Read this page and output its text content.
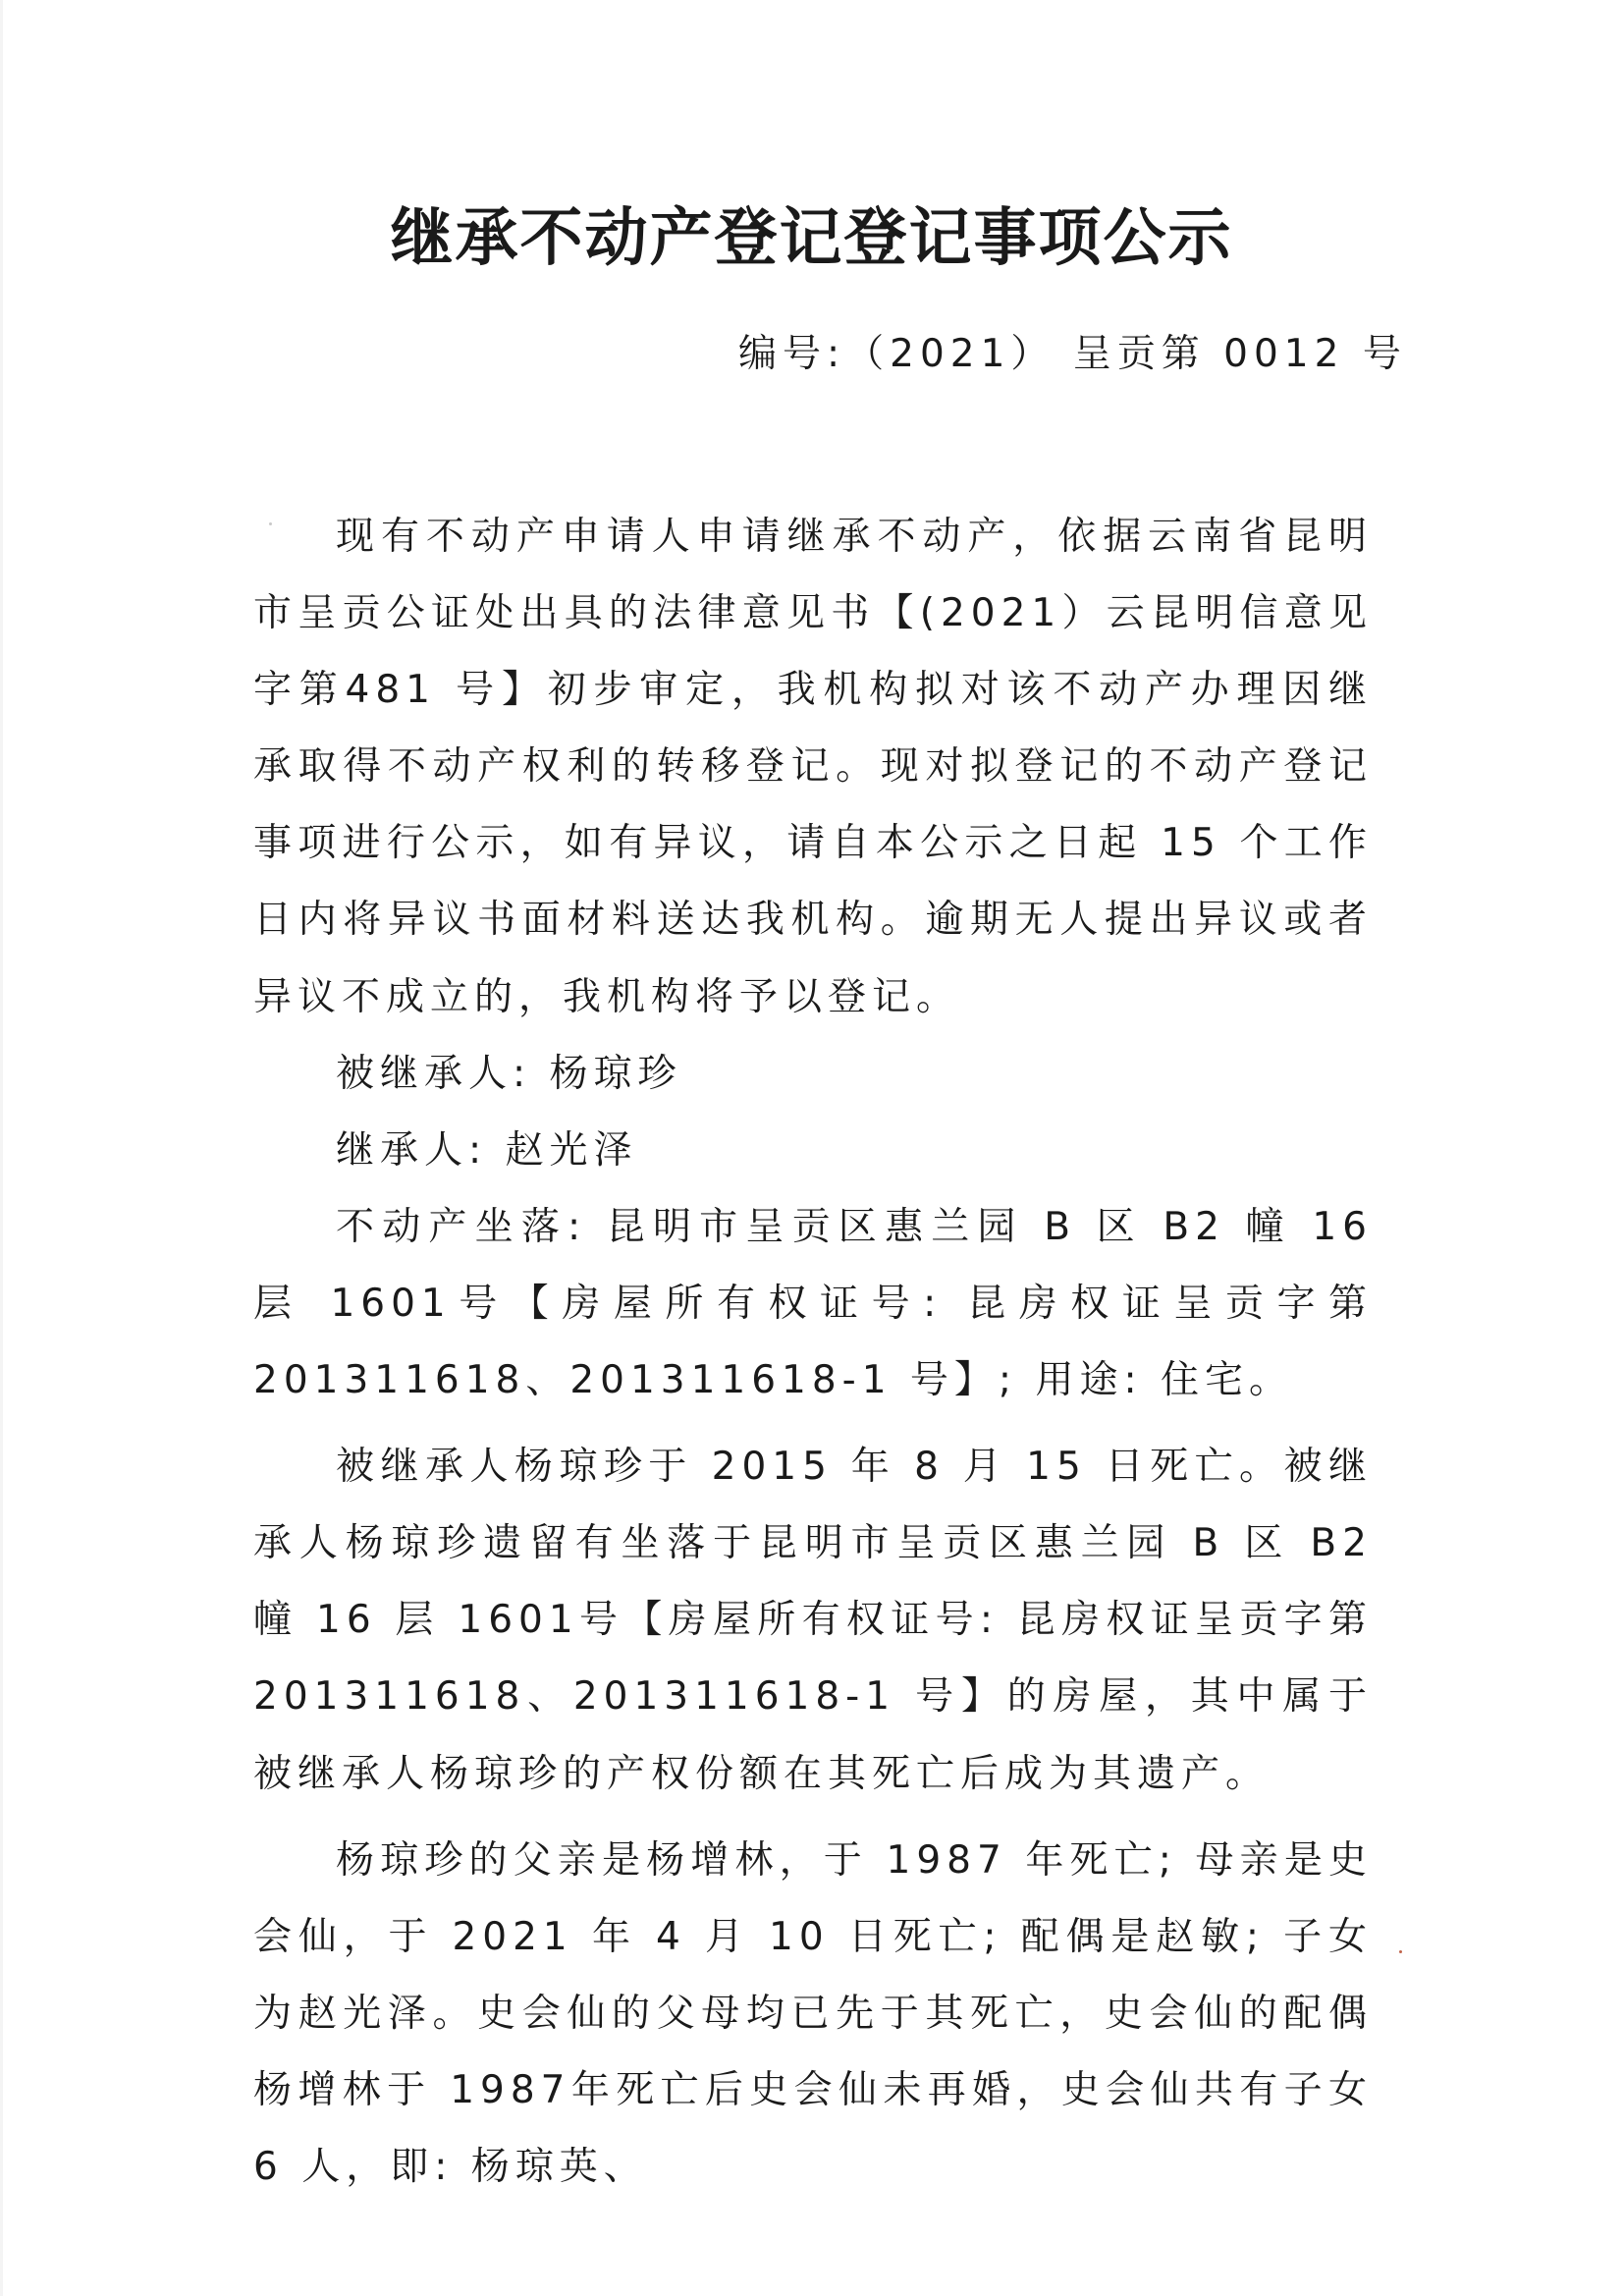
继承不动产登记登记事项公示
编号:（2021） 呈贡第 0012 号

现有不动产申请人申请继承不动产，依据云南省昆明市呈贡公证处出具的法律意见书【(2021）云昆明信意见字第481 号】初步审定，我机构拟对该不动产办理因继承取得不动产权利的转移登记。现对拟登记的不动产登记事项进行公示，如有异议，请自本公示之日起 15 个工作日内将异议书面材料送达我机构。逾期无人提出异议或者异议不成立的，我机构将予以登记。

被继承人: 杨琼珍

继承人: 赵光泽

不动产坐落: 昆明市呈贡区惠兰园 B 区 B2 幢 16 层 1601号【房屋所有权证号: 昆房权证呈贡字第 201311618、201311618-1 号】; 用途: 住宅。

被继承人杨琼珍于 2015 年 8 月 15 日死亡。被继承人杨琼珍遗留有坐落于昆明市呈贡区惠兰园 B 区 B2 幢 16 层 1601号【房屋所有权证号: 昆房权证呈贡字第 201311618、201311618-1 号】的房屋，其中属于被继承人杨琼珍的产权份额在其死亡后成为其遗产。

杨琼珍的父亲是杨增林，于 1987 年死亡; 母亲是史会仙，于 2021 年 4 月 10 日死亡; 配偶是赵敏; 子女为赵光泽。史会仙的父母均已先于其死亡，史会仙的配偶杨增林于 1987年死亡后史会仙未再婚，史会仙共有子女 6 人，即: 杨琼英、
